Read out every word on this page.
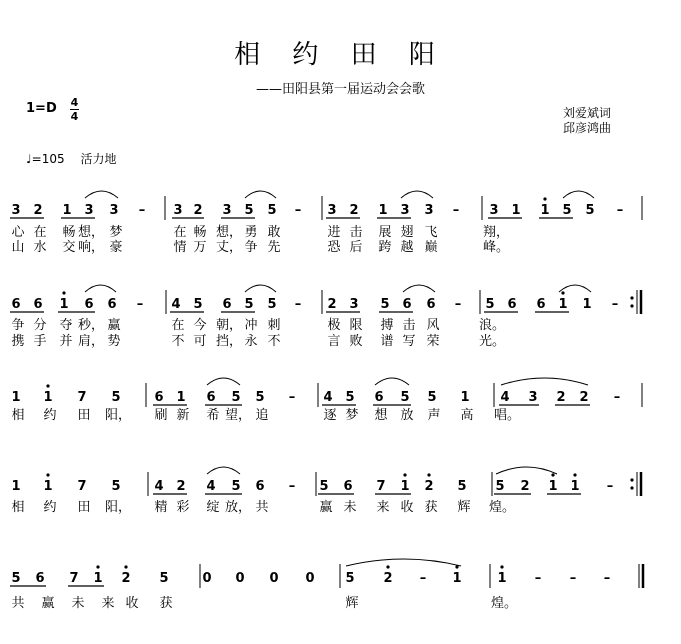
相 约 田 阳
——田阳县第一届运动会会歌
刘爱斌词
邱彦鸿曲
1=D 4
4
♩=105 活力地
3 2 1 3 3 – 3 2 3 5 5 – 3 2 1 3 3 – 3 1 1 5 5 –
心 在 畅 想， 梦	在 畅 想， 勇 敢	进 击 展 翅 飞	翔，
山 水 交 响， 豪	情 万 丈， 争 先	恐 后 跨 越 巅	峰。
6 6 1 6 6 – 4 5 6 5 5 – 2 3 5 6 6 – 5 6 6 1 1 –
争 分 夺 秒， 赢	在 今 朝， 冲 刺	极 限 搏 击 风	浪。
携 手 并 肩， 势	不 可 挡， 永 不	言 败 谱 写 荣	光。
1 1 7 5	6 1 6 5 5 – 4 5 6 5 5 1 4 3 2 2 –
相 约 田 阳， 刷 新 希 望， 追	逐 梦 想 放 声 高 唱。
1 1 7 5	4 2 4 5 6 – 5 6 7 1 2 5 5 2 1 1 –
相 约 田 阳， 精 彩 绽 放， 共	赢 未 来 收 获 辉 煌。
5 6 7 1 2 5	0 0 0 0 5 2 – 1	1 – – –
共 赢 未 来 收 获	辉	煌。
